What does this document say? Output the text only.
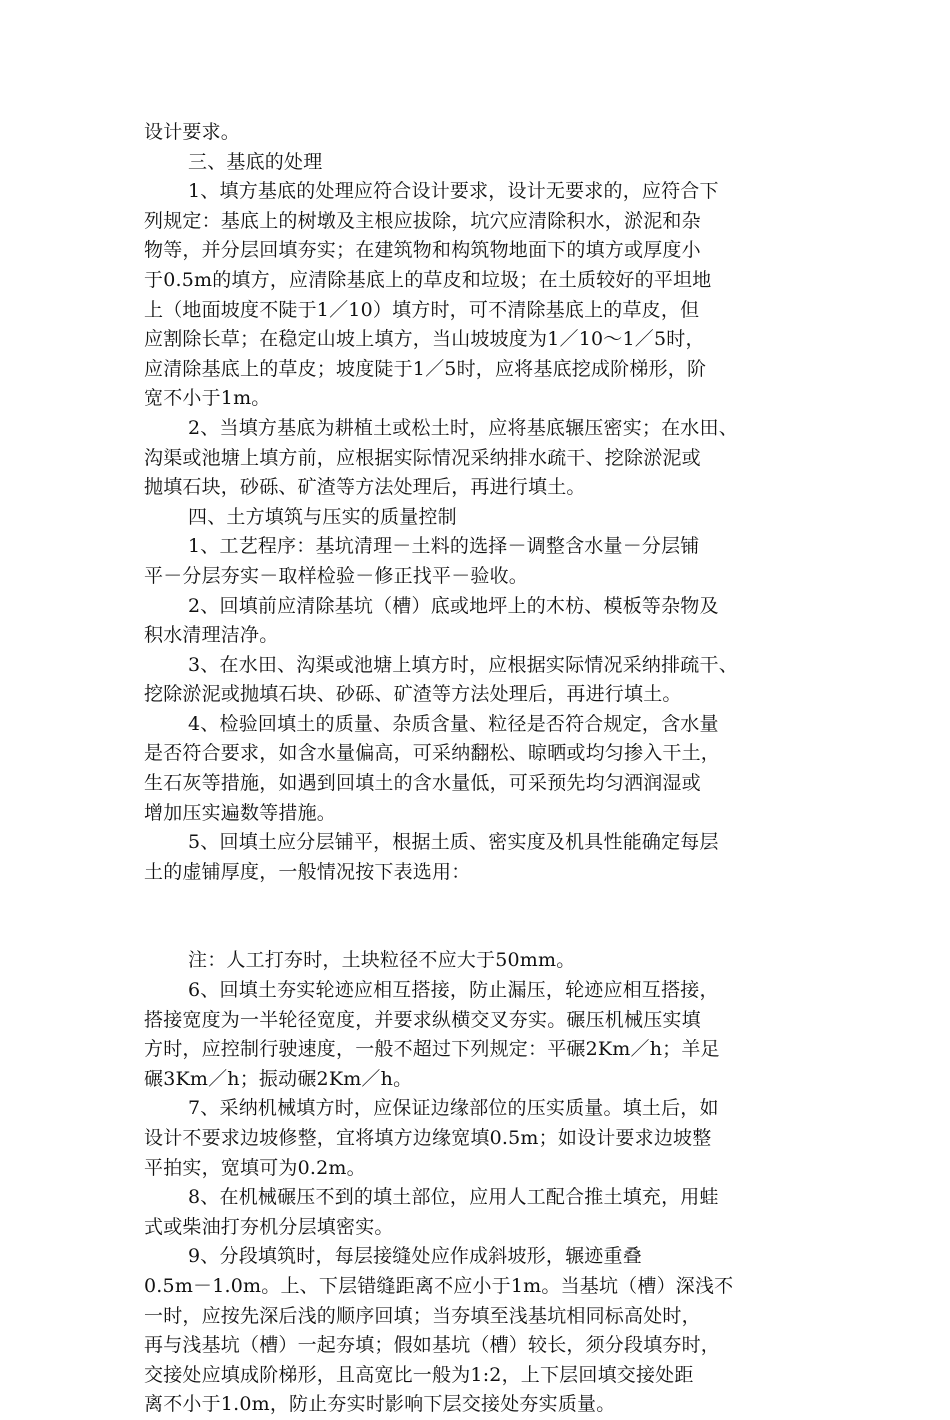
设计要求。

三、基底的处理

1、填方基底的处理应符合设计要求，设计无要求的，应符合下
列规定：基底上的树墩及主根应拔除，坑穴应清除积水，淤泥和杂
物等，并分层回填夯实；在建筑物和构筑物地面下的填方或厚度小
于0.5m的填方，应清除基底上的草皮和垃圾；在土质较好的平坦地
上（地面坡度不陡于1／10）填方时，可不清除基底上的草皮，但
应割除长草；在稳定山坡上填方，当山坡坡度为1／10～1／5时，
应清除基底上的草皮；坡度陡于1／5时，应将基底挖成阶梯形，阶
宽不小于1m。

2、当填方基底为耕植土或松土时，应将基底辗压密实；在水田、
沟渠或池塘上填方前，应根据实际情况采纳排水疏干、挖除淤泥或
抛填石块，砂砾、矿渣等方法处理后，再进行填土。

四、土方填筑与压实的质量控制

1、工艺程序：基坑清理－土料的选择－调整含水量－分层铺
平－分层夯实－取样检验－修正找平－验收。

2、回填前应清除基坑（槽）底或地坪上的木枋、模板等杂物及
积水清理洁净。

3、在水田、沟渠或池塘上填方时，应根据实际情况采纳排疏干、
挖除淤泥或抛填石块、砂砾、矿渣等方法处理后，再进行填土。

4、检验回填土的质量、杂质含量、粒径是否符合规定，含水量
是否符合要求，如含水量偏高，可采纳翻松、晾晒或均匀掺入干土，
生石灰等措施，如遇到回填土的含水量低，可采预先均匀洒润湿或
增加压实遍数等措施。

5、回填土应分层铺平，根据土质、密实度及机具性能确定每层
土的虚铺厚度，一般情况按下表选用：

注：人工打夯时，土块粒径不应大于50mm。

6、回填土夯实轮迹应相互搭接，防止漏压，轮迹应相互搭接，
搭接宽度为一半轮径宽度，并要求纵横交叉夯实。碾压机械压实填
方时，应控制行驶速度，一般不超过下列规定：平碾2Km／h；羊足
碾3Km／h；振动碾2Km／h。

7、采纳机械填方时，应保证边缘部位的压实质量。填土后，如
设计不要求边坡修整，宜将填方边缘宽填0.5m；如设计要求边坡整
平拍实，宽填可为0.2m。

8、在机械碾压不到的填土部位，应用人工配合推土填充，用蛙
式或柴油打夯机分层填密实。

9、分段填筑时，每层接缝处应作成斜坡形，辗迹重叠
0.5m－1.0m。上、下层错缝距离不应小于1m。当基坑（槽）深浅不
一时，应按先深后浅的顺序回填；当夯填至浅基坑相同标高处时，
再与浅基坑（槽）一起夯填；假如基坑（槽）较长，须分段填夯时，
交接处应填成阶梯形，且高宽比一般为1:2，上下层回填交接处距
离不小于1.0m，防止夯实时影响下层交接处夯实质量。
